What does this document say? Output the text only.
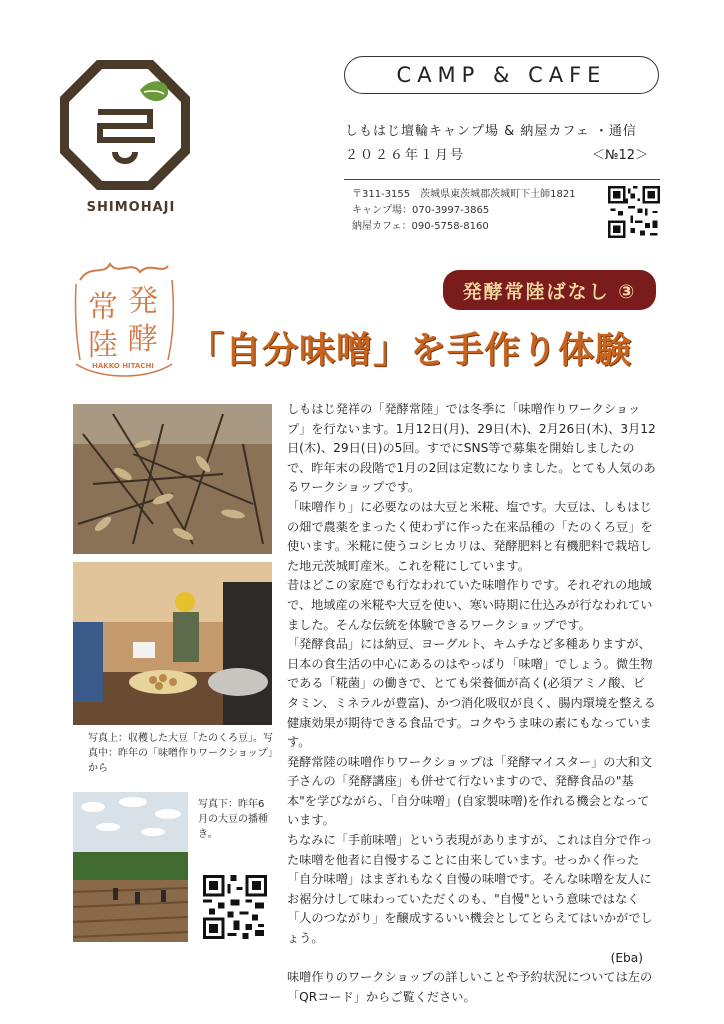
SHIMOHAJI
CAMP & CAFE
しもはじ壇輪キャンプ場 & 納屋カフェ ・通信
２０２６年１月号	＜№12＞
〒311-3155　茨城県東茨城郡茨城町下土師1821
キャンプ場：070-3997-3865
納屋カフェ：090-5758-8160
常 発
陸 酵
HAKKO HITACHI
発酵常陸ばなし ③
「自分味噌」を手作り体験
写真上：収穫した大豆「たのくろ豆」。写真中：昨年の「味噌作りワークショップ」から
写真下：昨年6月の大豆の播種き。

しもはじ発祥の「発酵常陸」では冬季に「味噌作りワークショップ」を行ないます。1月12日(月)、29日(木)、2月26日(木)、3月12日(木)、29日(日)の5回。すでにSNS等で募集を開始しましたので、昨年末の段階で1月の2回は定数になりました。とても人気のあるワークショップです。

「味噌作り」に必要なのは大豆と米糀、塩です。大豆は、しもはじの畑で農薬をまったく使わずに作った在来品種の「たのくろ豆」を使います。米糀に使うコシヒカリは、発酵肥料と有機肥料で栽培した地元茨城町産米。これを糀にしています。

昔はどこの家庭でも行なわれていた味噌作りです。それぞれの地域で、地域産の米糀や大豆を使い、寒い時期に仕込みが行なわれていました。そんな伝統を体験できるワークショップです。

「発酵食品」には納豆、ヨーグルト、キムチなど多種ありますが、日本の食生活の中心にあるのはやっぱり「味噌」でしょう。微生物である「糀菌」の働きで、とても栄養価が高く(必須アミノ酸、ビタミン、ミネラルが豊富)、かつ消化吸収が良く、腸内環境を整える健康効果が期待できる食品です。コクやうま味の素にもなっています。

発酵常陸の味噌作りワークショップは「発酵マイスター」の大和文子さんの「発酵講座」も併せて行ないますので、発酵食品の"基本"を学びながら、「自分味噌」(自家製味噌)を作れる機会となっています。

ちなみに「手前味噌」という表現がありますが、これは自分で作った味噌を他者に自慢することに由来しています。せっかく作った「自分味噌」はまぎれもなく自慢の味噌です。そんな味噌を友人にお裾分けして味わっていただくのも、"自慢"という意味ではなく「人のつながり」を醸成するいい機会としてとらえてはいかがでしょう。

(Eba)

味噌作りのワークショップの詳しいことや予約状況については左の「QRコード」からご覧ください。
